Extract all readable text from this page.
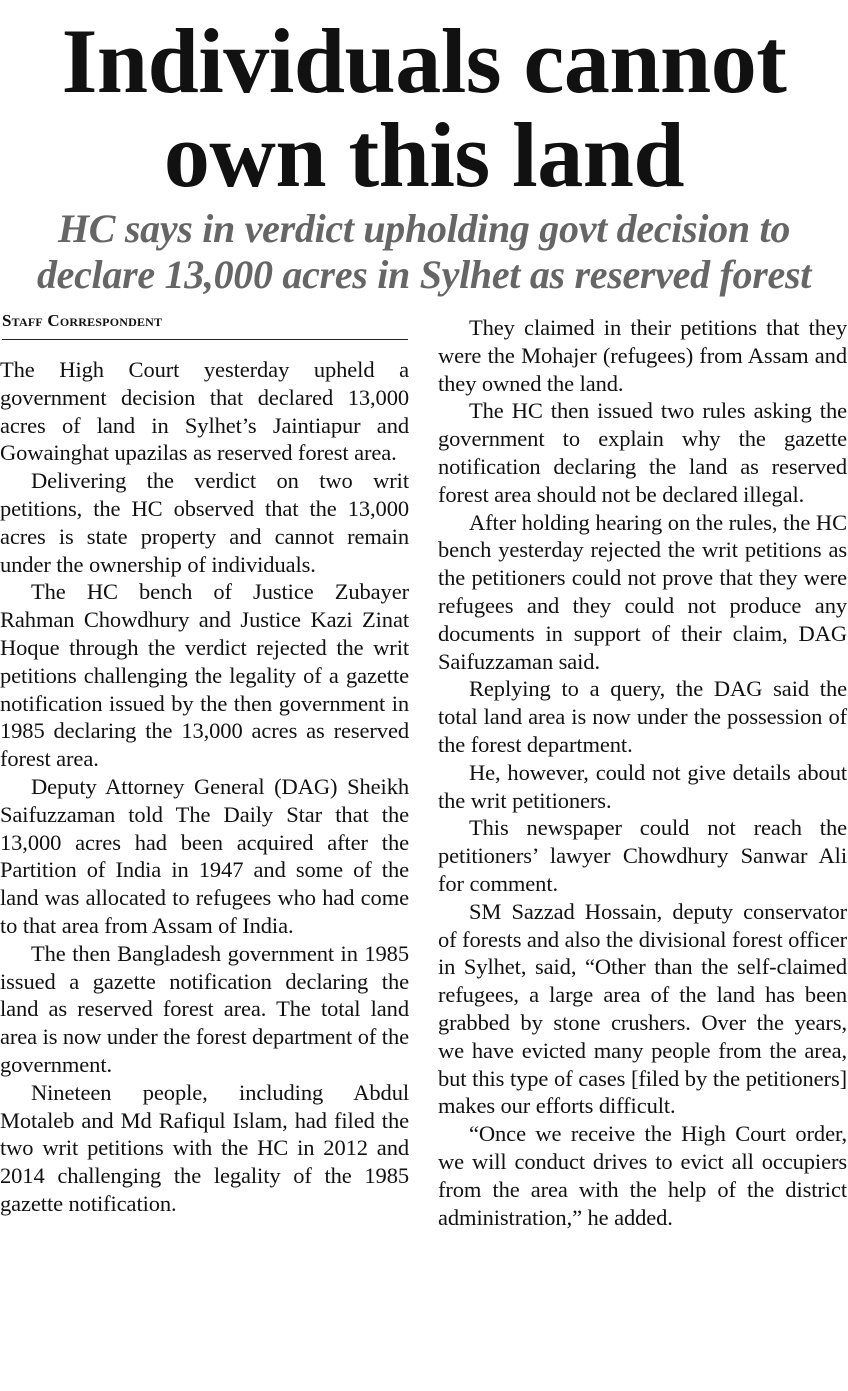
Individuals cannot own this land
HC says in verdict upholding govt decision to declare 13,000 acres in Sylhet as reserved forest
Staff Correspondent

The High Court yesterday upheld a government decision that declared 13,000 acres of land in Sylhet’s Jaintiapur and Gowainghat upazilas as reserved forest area.

Delivering the verdict on two writ petitions, the HC observed that the 13,000 acres is state property and cannot remain under the ownership of individuals.

The HC bench of Justice Zubayer Rahman Chowdhury and Justice Kazi Zinat Hoque through the verdict rejected the writ petitions challenging the legality of a gazette notification issued by the then government in 1985 declaring the 13,000 acres as reserved forest area.

Deputy Attorney General (DAG) Sheikh Saifuzzaman told The Daily Star that the 13,000 acres had been acquired after the Partition of India in 1947 and some of the land was allocated to refugees who had come to that area from Assam of India.

The then Bangladesh government in 1985 issued a gazette notification declaring the land as reserved forest area. The total land area is now under the forest department of the government.

Nineteen people, including Abdul Motaleb and Md Rafiqul Islam, had filed the two writ petitions with the HC in 2012 and 2014 challenging the legality of the 1985 gazette notification.

They claimed in their petitions that they were the Mohajer (refugees) from Assam and they owned the land.

The HC then issued two rules asking the government to explain why the gazette notification declaring the land as reserved forest area should not be declared illegal.

After holding hearing on the rules, the HC bench yesterday rejected the writ petitions as the petitioners could not prove that they were refugees and they could not produce any documents in support of their claim, DAG Saifuzzaman said.

Replying to a query, the DAG said the total land area is now under the possession of the forest department.

He, however, could not give details about the writ petitioners.

This newspaper could not reach the petitioners’ lawyer Chowdhury Sanwar Ali for comment.

SM Sazzad Hossain, deputy conservator of forests and also the divisional forest officer in Sylhet, said, “Other than the self-claimed refugees, a large area of the land has been grabbed by stone crushers. Over the years, we have evicted many people from the area, but this type of cases [filed by the petitioners] makes our efforts difficult.

“Once we receive the High Court order, we will conduct drives to evict all occupiers from the area with the help of the district administration,” he added.
